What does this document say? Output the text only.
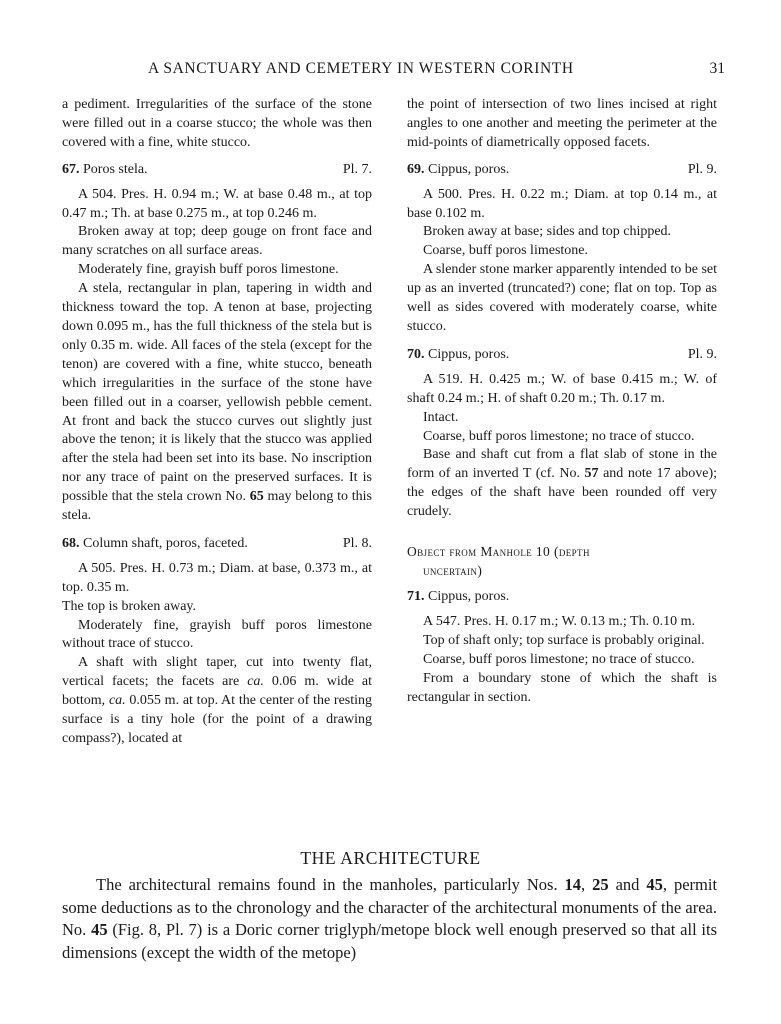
A SANCTUARY AND CEMETERY IN WESTERN CORINTH	31

a pediment. Irregularities of the surface of the stone were filled out in a coarse stucco; the whole was then covered with a fine, white stucco.

67. Poros stela.	Pl. 7.

A 504. Pres. H. 0.94 m.; W. at base 0.48 m., at top 0.47 m.; Th. at base 0.275 m., at top 0.246 m.

Broken away at top; deep gouge on front face and many scratches on all surface areas.

Moderately fine, grayish buff poros limestone.

A stela, rectangular in plan, tapering in width and thickness toward the top. A tenon at base, projecting down 0.095 m., has the full thickness of the stela but is only 0.35 m. wide. All faces of the stela (except for the tenon) are covered with a fine, white stucco, beneath which irregularities in the surface of the stone have been filled out in a coarser, yellowish pebble cement. At front and back the stucco curves out slightly just above the tenon; it is likely that the stucco was applied after the stela had been set into its base. No inscription nor any trace of paint on the preserved surfaces. It is possible that the stela crown No. 65 may belong to this stela.

68. Column shaft, poros, faceted.	Pl. 8.

A 505. Pres. H. 0.73 m.; Diam. at base, 0.373 m., at top. 0.35 m.

The top is broken away.

Moderately fine, grayish buff poros limestone without trace of stucco.

A shaft with slight taper, cut into twenty flat, vertical facets; the facets are ca. 0.06 m. wide at bottom, ca. 0.055 m. at top. At the center of the resting surface is a tiny hole (for the point of a drawing compass?), located at

the point of intersection of two lines incised at right angles to one another and meeting the perimeter at the mid-points of diametrically opposed facets.

69. Cippus, poros.	Pl. 9.

A 500. Pres. H. 0.22 m.; Diam. at top 0.14 m., at base 0.102 m.

Broken away at base; sides and top chipped.

Coarse, buff poros limestone.

A slender stone marker apparently intended to be set up as an inverted (truncated?) cone; flat on top. Top as well as sides covered with moderately coarse, white stucco.

70. Cippus, poros.	Pl. 9.

A 519. H. 0.425 m.; W. of base 0.415 m.; W. of shaft 0.24 m.; H. of shaft 0.20 m.; Th. 0.17 m.

Intact.

Coarse, buff poros limestone; no trace of stucco.

Base and shaft cut from a flat slab of stone in the form of an inverted T (cf. No. 57 and note 17 above); the edges of the shaft have been rounded off very crudely.

Object from Manhole 10 (depth
uncertain)
71. Cippus, poros.

A 547. Pres. H. 0.17 m.; W. 0.13 m.; Th. 0.10 m.

Top of shaft only; top surface is probably original.

Coarse, buff poros limestone; no trace of stucco.

From a boundary stone of which the shaft is rectangular in section.

THE ARCHITECTURE

The architectural remains found in the manholes, particularly Nos. 14, 25 and 45, permit some deductions as to the chronology and the character of the architectural monuments of the area. No. 45 (Fig. 8, Pl. 7) is a Doric corner triglyph/metope block well enough preserved so that all its dimensions (except the width of the metope)
